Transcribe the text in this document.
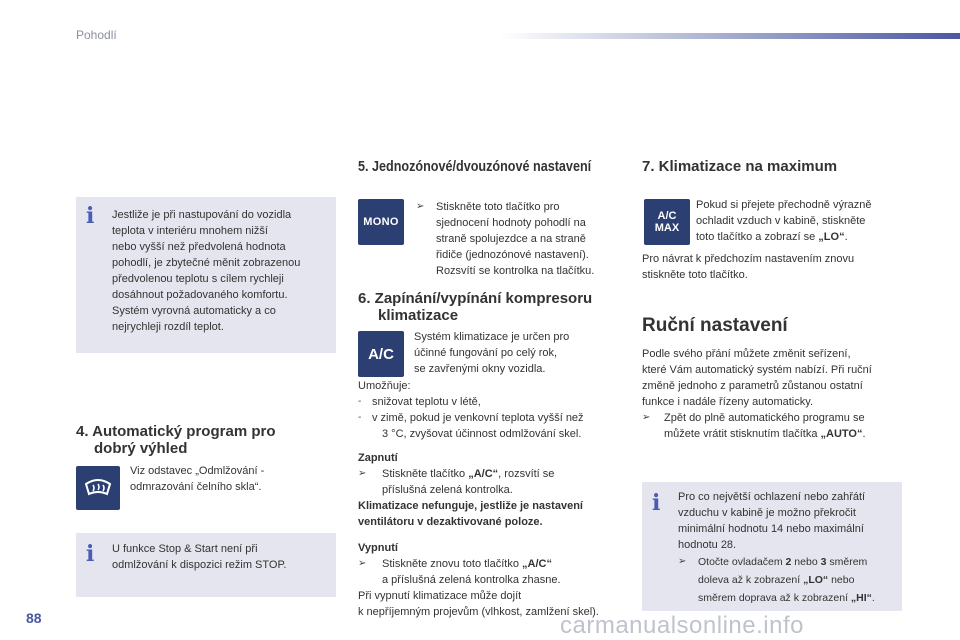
Pohodlí
i Jestliže je při nastupování do vozidla
teplota v interiéru mnohem nižší
nebo vyšší než předvolená hodnota
pohodlí, je zbytečné měnit zobrazenou
předvolenou teplotu s cílem rychleji
dosáhnout požadovaného komfortu.
Systém vyrovná automaticky a co
nejrychleji rozdíl teplot.
4. Automatický program pro
dobrý výhled
Viz odstavec „Odmlžování -
odmrazování čelního skla“.
i U funkce Stop & Start není při
odmlžování k dispozici režim STOP.
5. Jednozónové/dvouzónové nastavení
MONO
➢	Stiskněte toto tlačítko pro
sjednocení hodnoty pohodlí na
straně spolujezdce a na straně
řidiče (jednozónové nastavení).
Rozsvítí se kontrolka na tlačítku.
6. Zapínání/vypínání kompresoru
klimatizace
A/C
Systém klimatizace je určen pro
účinné fungování po celý rok,
se zavřenými okny vozidla.
Umožňuje:
- snižovat teplotu v létě,
- v zimě, pokud je venkovní teplota vyšší než
3 °C, zvyšovat účinnost odmlžování skel.
Zapnutí
➢	Stiskněte tlačítko „A/C“, rozsvítí se
příslušná zelená kontrolka.
Klimatizace nefunguje, jestliže je nastavení
ventilátoru v dezaktivované poloze.
Vypnutí
➢	Stiskněte znovu toto tlačítko „A/C“
a příslušná zelená kontrolka zhasne.
Při vypnutí klimatizace může dojít
k nepříjemným projevům (vlhkost, zamlžení skel).
7. Klimatizace na maximum
A/C
MAX
Pokud si přejete přechodně výrazně
ochladit vzduch v kabině, stiskněte
toto tlačítko a zobrazí se „LO“.
Pro návrat k předchozím nastavením znovu
stiskněte toto tlačítko.
Ruční nastavení
Podle svého přání můžete změnit seřízení,
které Vám automatický systém nabízí. Při ruční
změně jednoho z parametrů zůstanou ostatní
funkce i nadále řízeny automaticky.
➢	Zpět do plně automatického programu se
můžete vrátit stisknutím tlačítka „AUTO“.
i Pro co největší ochlazení nebo zahřátí
vzduchu v kabině je možno překročit
minimální hodnotu 14 nebo maximální
hodnotu 28.
➢	Otočte ovladačem 2 nebo 3 směrem
doleva až k zobrazení „LO“ nebo
směrem doprava až k zobrazení „HI“.
88	carmanualsonline.info
